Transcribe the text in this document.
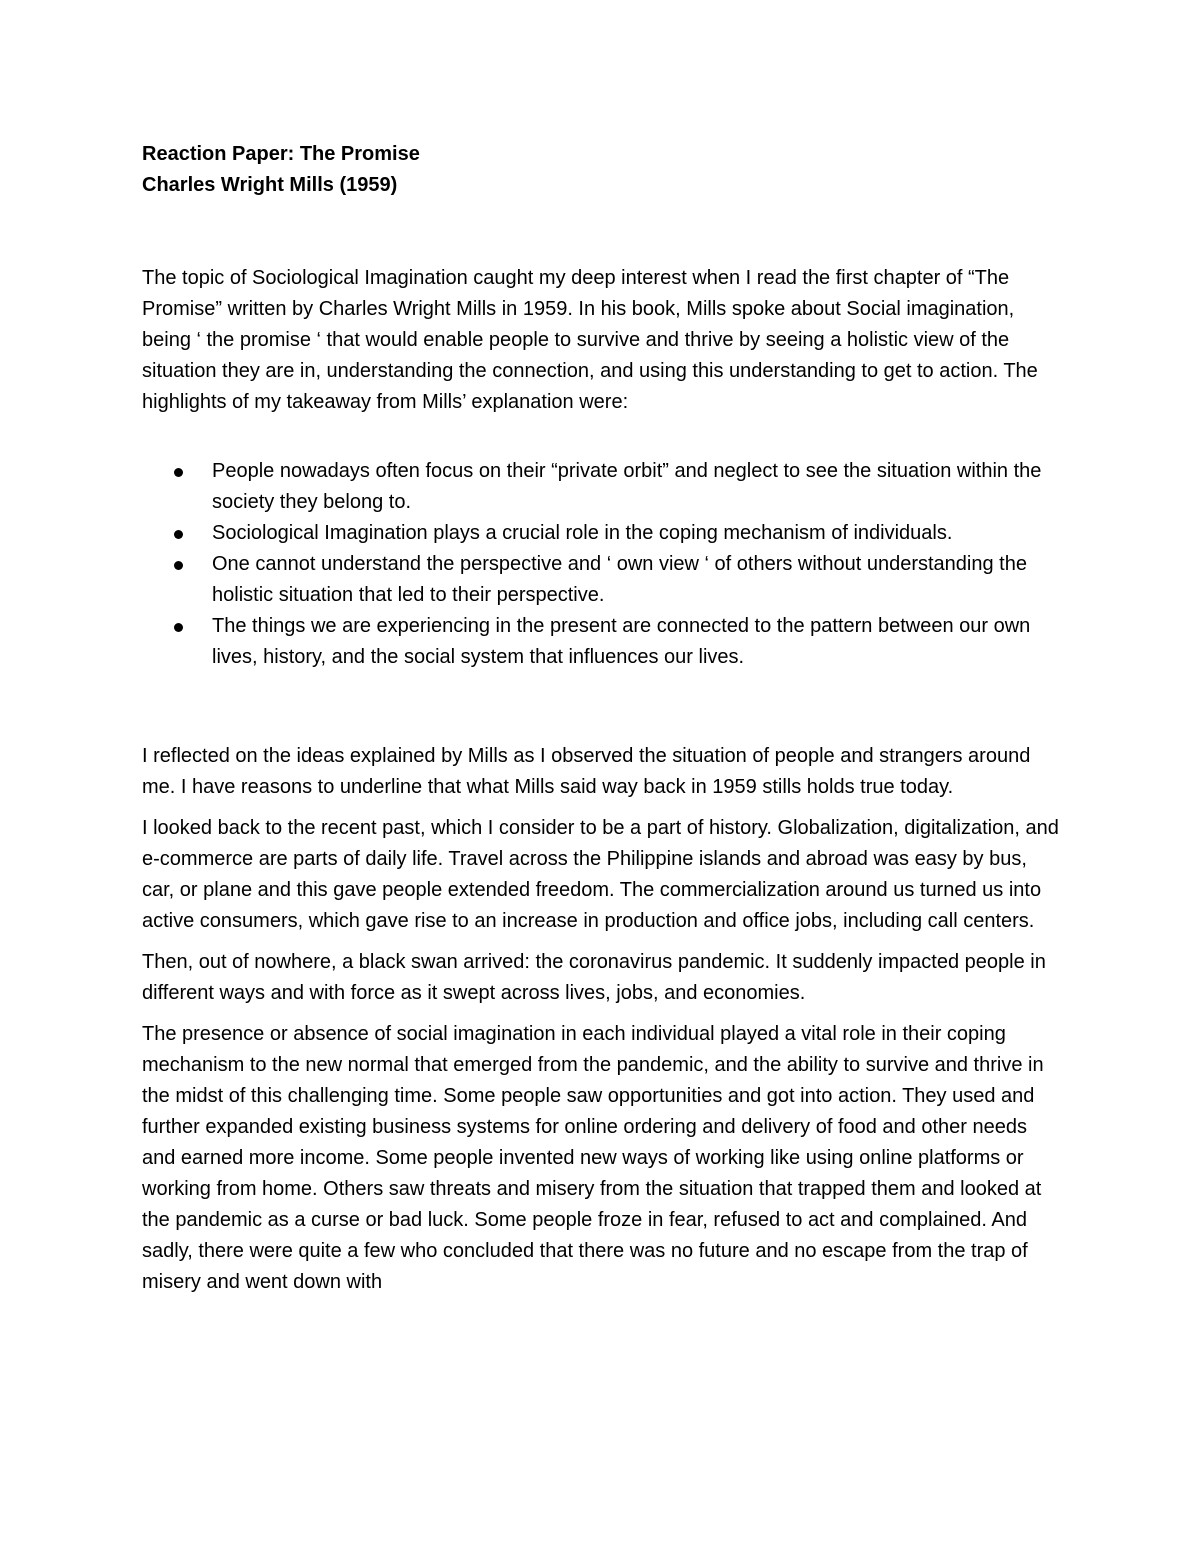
Reaction Paper: The Promise

Charles Wright Mills (1959)

The topic of Sociological Imagination caught my deep interest when I read the first chapter of “The Promise” written by Charles Wright Mills in 1959. In his book, Mills spoke about Social imagination, being ‘ the promise ‘ that would enable people to survive and thrive by seeing a holistic view of the situation they are in, understanding the connection, and using this understanding to get to action. The highlights of my takeaway from Mills’ explanation were:

People nowadays often focus on their “private orbit” and neglect to see the situation within the society they belong to.
Sociological Imagination plays a crucial role in the coping mechanism of individuals.
One cannot understand the perspective and ‘ own view ‘ of others without understanding the holistic situation that led to their perspective.
The things we are experiencing in the present are connected to the pattern between our own lives, history, and the social system that influences our lives.

I reflected on the ideas explained by Mills as I observed the situation of people and strangers around me. I have reasons to underline that what Mills said way back in 1959 stills holds true today.

I looked back to the recent past, which I consider to be a part of history. Globalization, digitalization, and e-commerce are parts of daily life. Travel across the Philippine islands and abroad was easy by bus, car, or plane and this gave people extended freedom. The commercialization around us turned us into active consumers, which gave rise to an increase in production and office jobs, including call centers.

Then, out of nowhere, a black swan arrived: the coronavirus pandemic. It suddenly impacted people in different ways and with force as it swept across lives, jobs, and economies.

The presence or absence of social imagination in each individual played a vital role in their coping mechanism to the new normal that emerged from the pandemic, and the ability to survive and thrive in the midst of this challenging time. Some people saw opportunities and got into action. They used and further expanded existing business systems for online ordering and delivery of food and other needs and earned more income. Some people invented new ways of working like using online platforms or working from home. Others saw threats and misery from the situation that trapped them and looked at the pandemic as a curse or bad luck. Some people froze in fear, refused to act and complained. And sadly, there were quite a few who concluded that there was no future and no escape from the trap of misery and went down with
